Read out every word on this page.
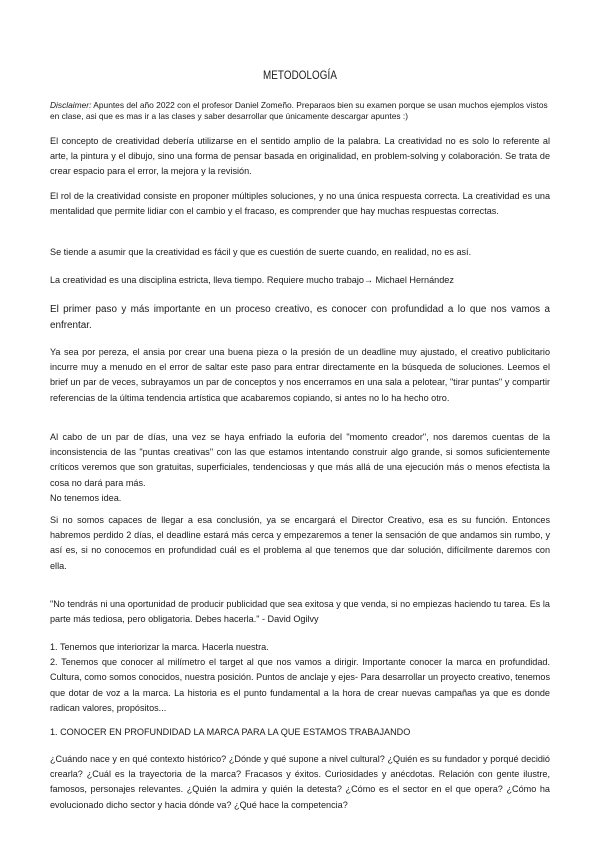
METODOLOGÍA

Disclaimer: Apuntes del año 2022 con el profesor Daniel Zomeño. Preparaos bien su examen porque se usan muchos ejemplos vistos en clase, asi que es mas ir a las clases y saber desarrollar que únicamente descargar apuntes :)

El concepto de creatividad debería utilizarse en el sentido amplio de la palabra. La creatividad no es solo lo referente al arte, la pintura y el dibujo, sino una forma de pensar basada en originalidad, en problem-solving y colaboración. Se trata de crear espacio para el error, la mejora y la revisión.

El rol de la creatividad consiste en proponer múltiples soluciones, y no una única respuesta correcta. La creatividad es una mentalidad que permite lidiar con el cambio y el fracaso, es comprender que hay muchas respuestas correctas.

Se tiende a asumir que la creatividad es fácil y que es cuestión de suerte cuando, en realidad, no es así.

La creatividad es una disciplina estricta, lleva tiempo. Requiere mucho trabajo→ Michael Hernández

El primer paso y más importante en un proceso creativo, es conocer con profundidad a lo que nos vamos a enfrentar.

Ya sea por pereza, el ansia por crear una buena pieza o la presión de un deadline muy ajustado, el creativo publicitario incurre muy a menudo en el error de saltar este paso para entrar directamente en la búsqueda de soluciones. Leemos el brief un par de veces, subrayamos un par de conceptos y nos encerramos en una sala a pelotear, "tirar puntas" y compartir referencias de la última tendencia artística que acabaremos copiando, si antes no lo ha hecho otro.

Al cabo de un par de días, una vez se haya enfriado la euforia del "momento creador", nos daremos cuentas de la inconsistencia de las "puntas creativas" con las que estamos intentando construir algo grande, si somos suficientemente críticos veremos que son gratuitas, superficiales, tendenciosas y que más allá de una ejecución más o menos efectista la cosa no dará para más.

No tenemos idea.

Si no somos capaces de llegar a esa conclusión, ya se encargará el Director Creativo, esa es su función. Entonces habremos perdido 2 días, el deadline estará más cerca y empezaremos a tener la sensación de que andamos sin rumbo, y así es, si no conocemos en profundidad cuál es el problema al que tenemos que dar solución, difícilmente daremos con ella.

"No tendrás ni una oportunidad de producir publicidad que sea exitosa y que venda, si no empiezas haciendo tu tarea. Es la parte más tediosa, pero obligatoria. Debes hacerla." - David Ogilvy

1. Tenemos que interiorizar la marca. Hacerla nuestra.

2. Tenemos que conocer al milímetro el target al que nos vamos a dirigir. Importante conocer la marca en profundidad. Cultura, como somos conocidos, nuestra posición. Puntos de anclaje y ejes- Para desarrollar un proyecto creativo, tenemos que dotar de voz a la marca. La historia es el punto fundamental a la hora de crear nuevas campañas ya que es donde radican valores, propósitos...

1. CONOCER EN PROFUNDIDAD LA MARCA PARA LA QUE ESTAMOS TRABAJANDO

¿Cuándo nace y en qué contexto histórico? ¿Dónde y qué supone a nivel cultural? ¿Quién es su fundador y porqué decidió crearla? ¿Cuál es la trayectoria de la marca? Fracasos y éxitos. Curiosidades y anécdotas. Relación con gente ilustre, famosos, personajes relevantes. ¿Quién la admira y quién la detesta? ¿Cómo es el sector en el que opera? ¿Cómo ha evolucionado dicho sector y hacia dónde va? ¿Qué hace la competencia?
